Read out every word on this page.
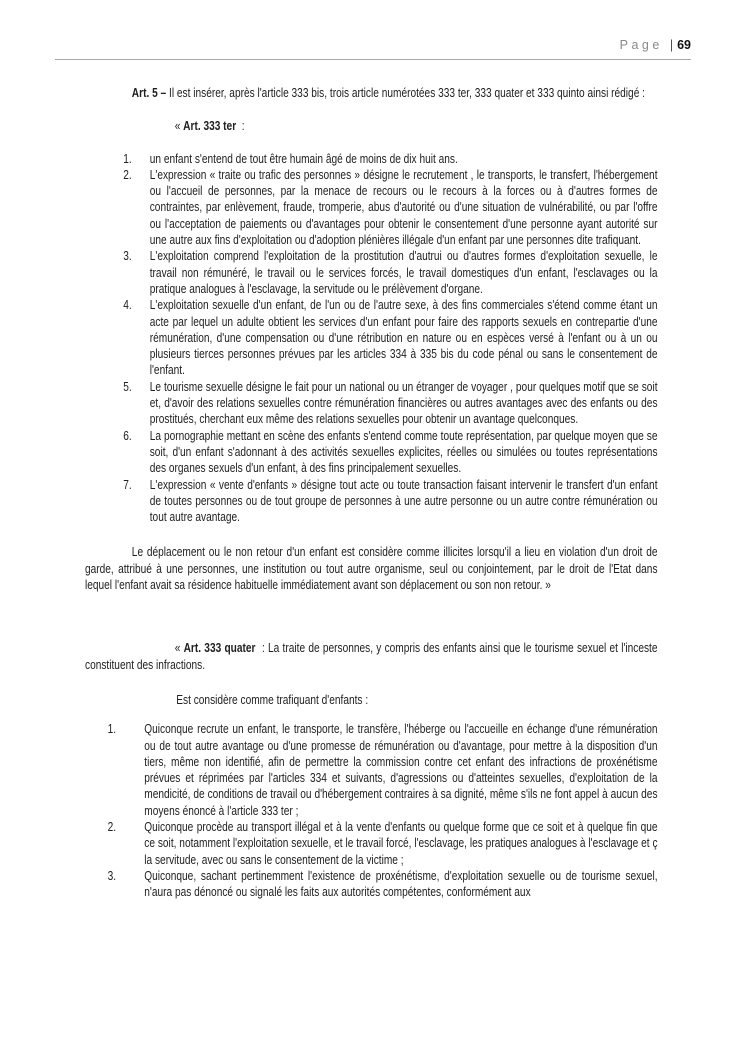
Page | 69

Art. 5 – Il est insérer, après l'article 333 bis, trois article numérotées 333 ter, 333 quater et 333 quinto ainsi rédigé :

« Art. 333 ter :

1. un enfant s'entend de tout être humain âgé de moins de dix huit ans.
2. L'expression « traite ou trafic des personnes » désigne le recrutement , le transports, le transfert, l'hébergement ou l'accueil de personnes, par la menace de recours ou le recours à la forces ou à d'autres formes de contraintes, par enlèvement, fraude, tromperie, abus d'autorité ou d'une situation de vulnérabilité, ou par l'offre ou l'acceptation de paiements ou d'avantages pour obtenir le consentement d'une personne ayant autorité sur une autre aux fins d'exploitation ou d'adoption plénières illégale d'un enfant par une personnes dite trafiquant.
3. L'exploitation comprend l'exploitation de la prostitution d'autrui ou d'autres formes d'exploitation sexuelle, le travail non rémunéré, le travail ou le services forcés, le travail domestiques d'un enfant, l'esclavages ou la pratique analogues à l'esclavage, la servitude ou le prélèvement d'organe.
4. L'exploitation sexuelle d'un enfant, de l'un ou de l'autre sexe, à des fins commerciales s'étend comme étant un acte par lequel un adulte obtient les services d'un enfant pour faire des rapports sexuels en contrepartie d'une rémunération, d'une compensation ou d'une rétribution en nature ou en espèces versé à l'enfant ou à un ou plusieurs tierces personnes prévues par les articles 334 à 335 bis du code pénal ou sans le consentement de l'enfant.
5. Le tourisme sexuelle désigne le fait pour un national ou un étranger de voyager , pour quelques motif que se soit et, d'avoir des relations sexuelles contre rémunération financières ou autres avantages avec des enfants ou des prostitués, cherchant eux même des relations sexuelles pour obtenir un avantage quelconques.
6. La pornographie mettant en scène des enfants s'entend comme toute représentation, par quelque moyen que se soit, d'un enfant s'adonnant à des activités sexuelles explicites, réelles ou simulées ou toutes représentations des organes sexuels d'un enfant, à des fins principalement sexuelles.
7. L'expression « vente d'enfants » désigne tout acte ou toute transaction faisant intervenir le transfert d'un enfant de toutes personnes ou de tout groupe de personnes à une autre personne ou un autre contre rémunération ou tout autre avantage.

Le déplacement ou le non retour d'un enfant est considère comme illicites lorsqu'il a lieu en violation d'un droit de garde, attribué à une personnes, une institution ou tout autre organisme, seul ou conjointement, par le droit de l'Etat dans lequel l'enfant avait sa résidence habituelle immédiatement avant son déplacement ou son non retour. »

« Art. 333 quater : La traite de personnes, y compris des enfants ainsi que le tourisme sexuel et l'inceste constituent des infractions.

Est considère comme trafiquant d'enfants :

1. Quiconque recrute un enfant, le transporte, le transfère, l'héberge ou l'accueille en échange d'une rémunération ou de tout autre avantage ou d'une promesse de rémunération ou d'avantage, pour mettre à la disposition d'un tiers, même non identifié, afin de permettre la commission contre cet enfant des infractions de proxénétisme prévues et réprimées par l'articles 334 et suivants, d'agressions ou d'atteintes sexuelles, d'exploitation de la mendicité, de conditions de travail ou d'hébergement contraires à sa dignité, même s'ils ne font appel à aucun des moyens énoncé à l'article 333 ter ;
2. Quiconque procède au transport illégal et à la vente d'enfants ou quelque forme que ce soit et à quelque fin que ce soit, notamment l'exploitation sexuelle, et le travail forcé, l'esclavage, les pratiques analogues à l'esclavage et ç la servitude, avec ou sans le consentement de la victime ;
3. Quiconque, sachant pertinemment l'existence de proxénétisme, d'exploitation sexuelle ou de tourisme sexuel, n'aura pas dénoncé ou signalé les faits aux autorités compétentes, conformément aux
